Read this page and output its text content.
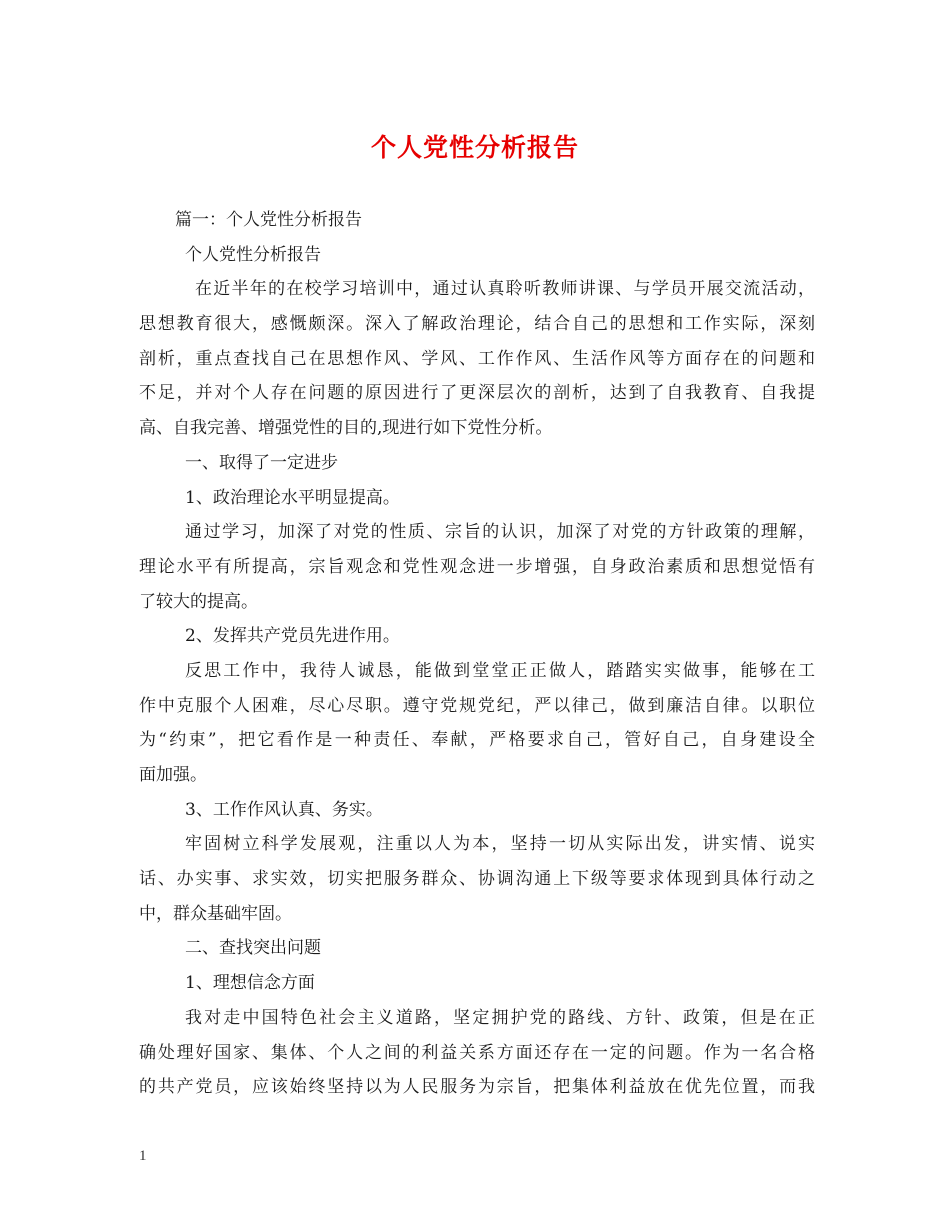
个人党性分析报告
篇一：个人党性分析报告
个人党性分析报告
在近半年的在校学习培训中，通过认真聆听教师讲课、与学员开展交流活动，
思想教育很大，感慨颇深。深入了解政治理论，结合自己的思想和工作实际，深刻
剖析，重点查找自己在思想作风、学风、工作作风、生活作风等方面存在的问题和
不足，并对个人存在问题的原因进行了更深层次的剖析，达到了自我教育、自我提
高、自我完善、增强党性的目的,现进行如下党性分析。
一、取得了一定进步
1、政治理论水平明显提高。
通过学习，加深了对党的性质、宗旨的认识，加深了对党的方针政策的理解，
理论水平有所提高，宗旨观念和党性观念进一步增强，自身政治素质和思想觉悟有
了较大的提高。
2、发挥共产党员先进作用。
反思工作中，我待人诚恳，能做到堂堂正正做人，踏踏实实做事，能够在工
作中克服个人困难，尽心尽职。遵守党规党纪，严以律己，做到廉洁自律。以职位
为“约束”，把它看作是一种责任、奉献，严格要求自己，管好自己，自身建设全
面加强。
3、工作作风认真、务实。
牢固树立科学发展观，注重以人为本，坚持一切从实际出发，讲实情、说实
话、办实事、求实效，切实把服务群众、协调沟通上下级等要求体现到具体行动之
中，群众基础牢固。
二、查找突出问题
1、理想信念方面
我对走中国特色社会主义道路，坚定拥护党的路线、方针、政策，但是在正
确处理好国家、集体、个人之间的利益关系方面还存在一定的问题。作为一名合格
的共产党员，应该始终坚持以为人民服务为宗旨，把集体利益放在优先位置，而我
1
